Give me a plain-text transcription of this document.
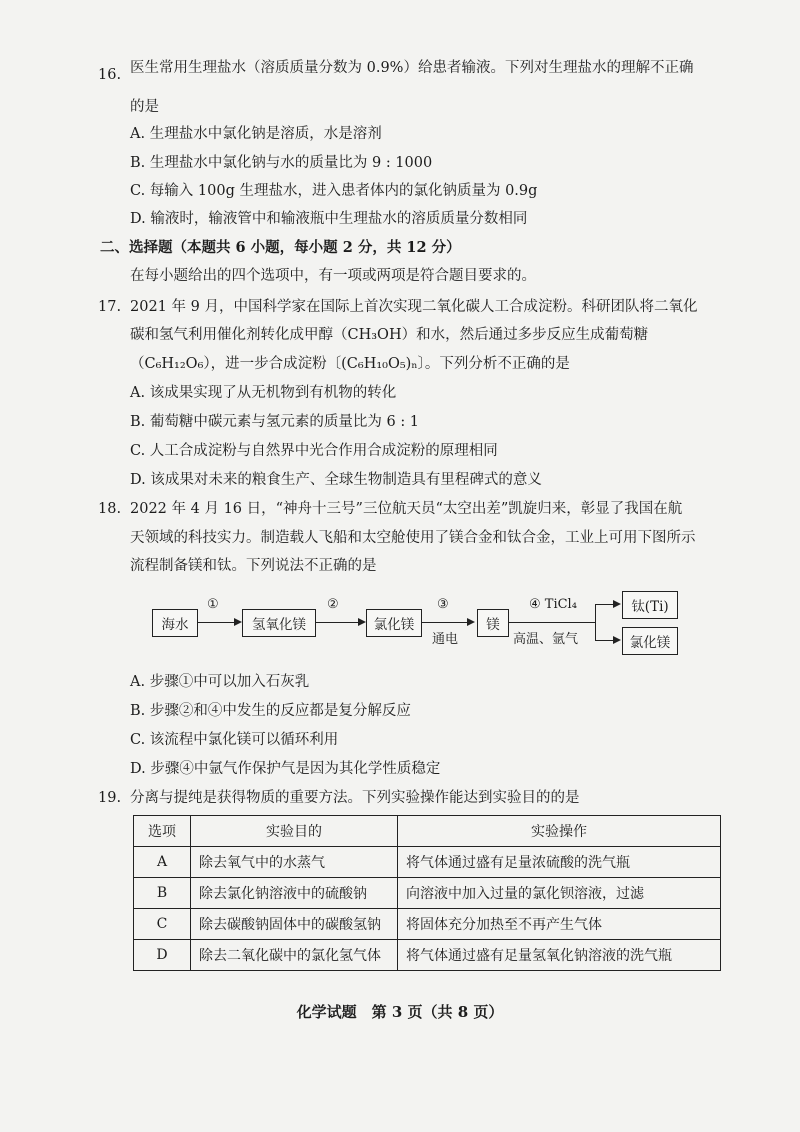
16. 医生常用生理盐水（溶质质量分数为 0.9%）给患者输液。下列对生理盐水的理解不正确
的是
A. 生理盐水中氯化钠是溶质，水是溶剂
B. 生理盐水中氯化钠与水的质量比为 9 : 1000
C. 每输入 100g 生理盐水，进入患者体内的氯化钠质量为 0.9g
D. 输液时，输液管中和输液瓶中生理盐水的溶质质量分数相同
二、选择题（本题共 6 小题，每小题 2 分，共 12 分）
在每小题给出的四个选项中，有一项或两项是符合题目要求的。
17. 2021 年 9 月，中国科学家在国际上首次实现二氧化碳人工合成淀粉。科研团队将二氧化
碳和氢气利用催化剂转化成甲醇（CH₃OH）和水，然后通过多步反应生成葡萄糖
（C₆H₁₂O₆），进一步合成淀粉〔(C₆H₁₀O₅)ₙ〕。下列分析不正确的是
A. 该成果实现了从无机物到有机物的转化
B. 葡萄糖中碳元素与氢元素的质量比为 6 : 1
C. 人工合成淀粉与自然界中光合作用合成淀粉的原理相同
D. 该成果对未来的粮食生产、全球生物制造具有里程碑式的意义
18. 2022 年 4 月 16 日，“神舟十三号”三位航天员“太空出差”凯旋归来，彰显了我国在航
天领域的科技实力。制造载人飞船和太空舱使用了镁合金和钛合金，工业上可用下图所示
流程制备镁和钛。下列说法不正确的是
海水
①
氢氧化镁
②
氯化镁
③
通电
镁
④ TiCl₄
高温、氩气
钛(Ti)
氯化镁
A. 步骤①中可以加入石灰乳
B. 步骤②和④中发生的反应都是复分解反应
C. 该流程中氯化镁可以循环利用
D. 步骤④中氩气作保护气是因为其化学性质稳定
19. 分离与提纯是获得物质的重要方法。下列实验操作能达到实验目的的是
选项	实验目的	实验操作
A	除去氧气中的水蒸气	将气体通过盛有足量浓硫酸的洗气瓶
B	除去氯化钠溶液中的硫酸钠	向溶液中加入过量的氯化钡溶液，过滤
C	除去碳酸钠固体中的碳酸氢钠	将固体充分加热至不再产生气体
D	除去二氧化碳中的氯化氢气体	将气体通过盛有足量氢氧化钠溶液的洗气瓶
化学试题　第 3 页（共 8 页）
